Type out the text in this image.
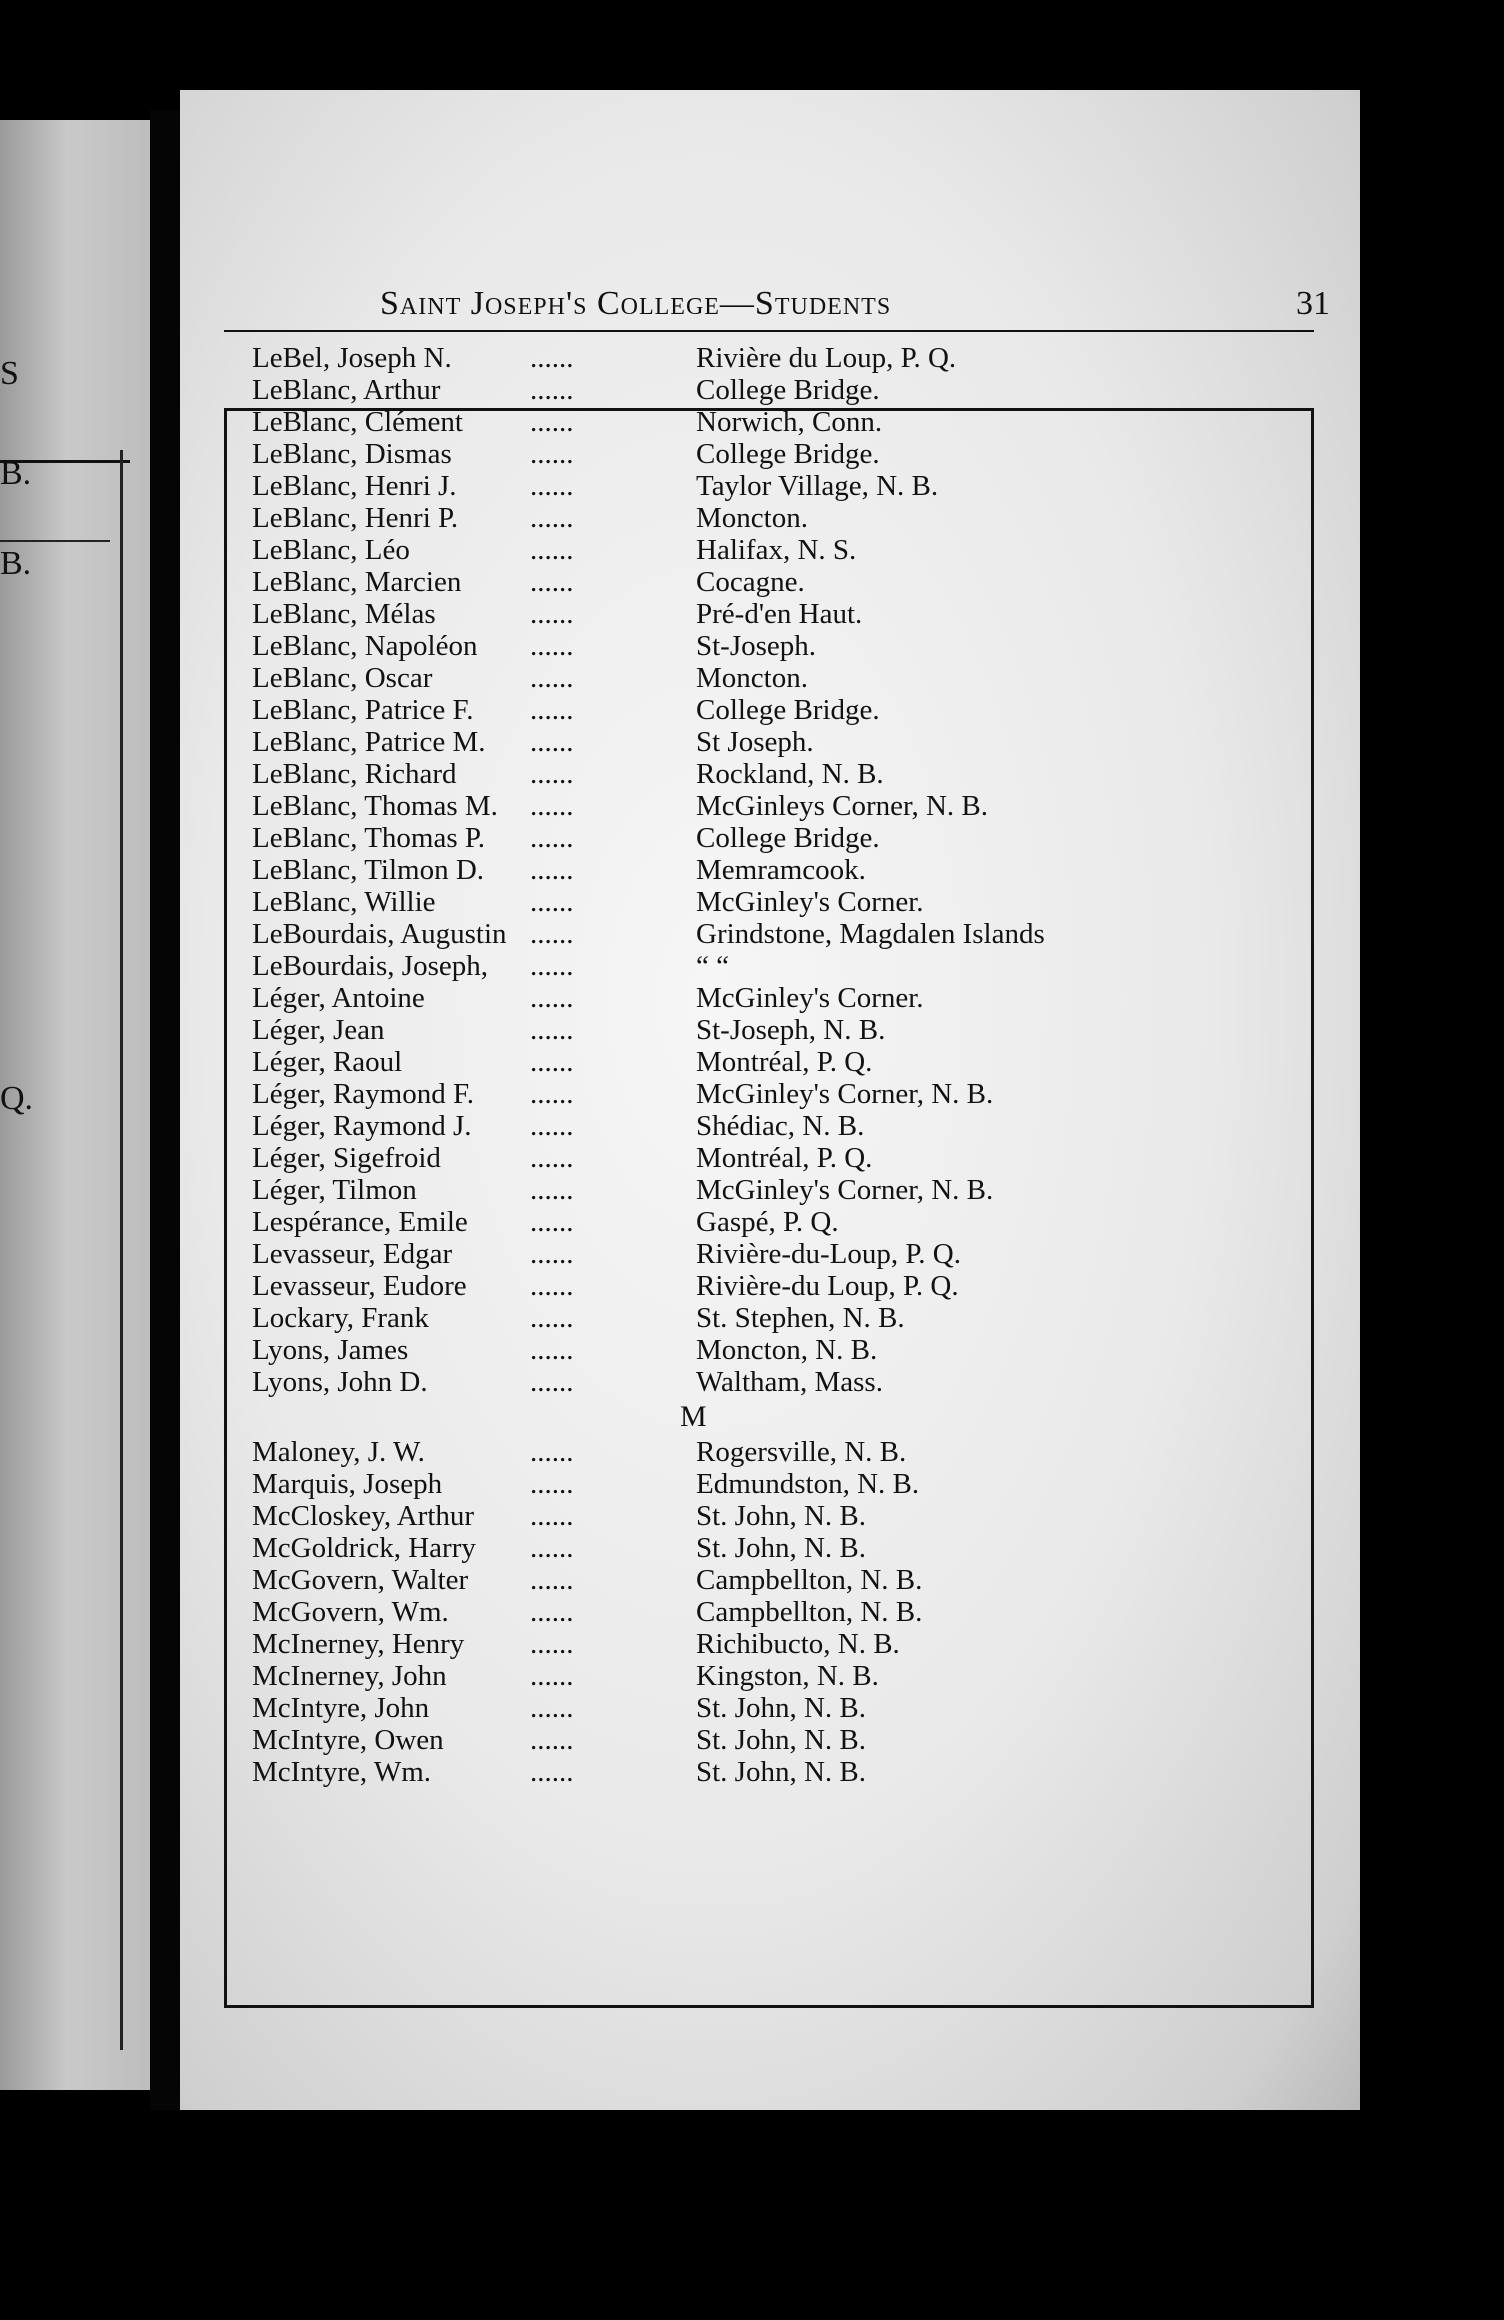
S
B.
B.
Q.
Saint Joseph's College—Students	31
LeBel, Joseph N.	......	Rivière du Loup, P. Q.
LeBlanc, Arthur	......	College Bridge.
LeBlanc, Clément ......	Norwich, Conn.
LeBlanc, Dismas	......	College Bridge.
LeBlanc, Henri J.	......	Taylor Village, N. B.
LeBlanc, Henri P. ......	Moncton.
LeBlanc, Léo	......	Halifax, N. S.
LeBlanc, Marcien ......	Cocagne.
LeBlanc, Mélas	......	Pré-d'en Haut.
LeBlanc, Napoléon ......	St-Joseph.
LeBlanc, Oscar	......	Moncton.
LeBlanc, Patrice F. ......	College Bridge.
LeBlanc, Patrice M. ......	St Joseph.
LeBlanc, Richard	......	Rockland, N. B.
LeBlanc, Thomas M. ......	McGinleys Corner, N. B.
LeBlanc, Thomas P. ......	College Bridge.
LeBlanc, Tilmon D. ......	Memramcook.
LeBlanc, Willie	......	McGinley's Corner.
LeBourdais, Augustin ......	Grindstone, Magdalen Islands
LeBourdais, Joseph, ......	“ “
Léger, Antoine	......	McGinley's Corner.
Léger, Jean	......	St-Joseph, N. B.
Léger, Raoul	......	Montréal, P. Q.
Léger, Raymond F. ......	McGinley's Corner, N. B.
Léger, Raymond J. ......	Shédiac, N. B.
Léger, Sigefroid	......	Montréal, P. Q.
Léger, Tilmon	......	McGinley's Corner, N. B.
Lespérance, Emile ......	Gaspé, P. Q.
Levasseur, Edgar	......	Rivière-du-Loup, P. Q.
Levasseur, Eudore ......	Rivière-du Loup, P. Q.
Lockary, Frank	......	St. Stephen, N. B.
Lyons, James	......	Moncton, N. B.
Lyons, John D.	......	Waltham, Mass.
M
Maloney, J. W.	......	Rogersville, N. B.
Marquis, Joseph	......	Edmundston, N. B.
McCloskey, Arthur ......	St. John, N. B.
McGoldrick, Harry ......	St. John, N. B.
McGovern, Walter ......	Campbellton, N. B.
McGovern, Wm.	......	Campbellton, N. B.
McInerney, Henry ......	Richibucto, N. B.
McInerney, John	......	Kingston, N. B.
McIntyre, John	......	St. John, N. B.
McIntyre, Owen	......	St. John, N. B.
McIntyre, Wm.	......	St. John, N. B.
